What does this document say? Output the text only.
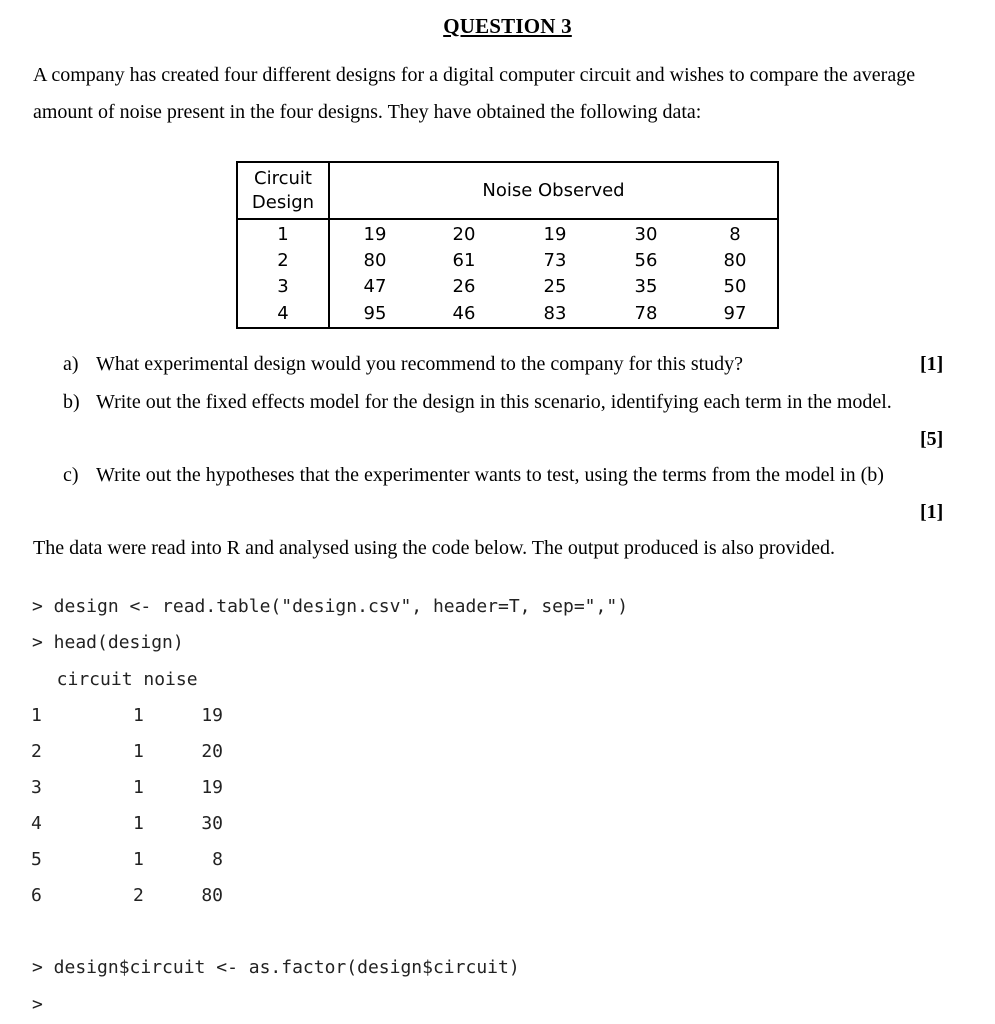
QUESTION 3
A company has created four different designs for a digital computer circuit and wishes to compare the average
amount of noise present in the four designs. They have obtained the following data:
Circuit
Design
Noise Observed
1	19	20	19	30	8
2	80	61	73	56	80
3	47	26	25	35	50
4	95	46	83	78	97
a) What experimental design would you recommend to the company for this study?	[1]
b) Write out the fixed effects model for the design in this scenario, identifying each term in the model.
[5]
c) Write out the hypotheses that the experimenter wants to test, using the terms from the model in (b)
[1]
The data were read into R and analysed using the code below. The output produced is also provided.
> design <- read.table("design.csv", header=T, sep=",")
> head(design)
circuit noise
1	1	19
2	1	20
3	1	19
4	1	30
5	1	8
6	2	80
> design$circuit <- as.factor(design$circuit)
>
